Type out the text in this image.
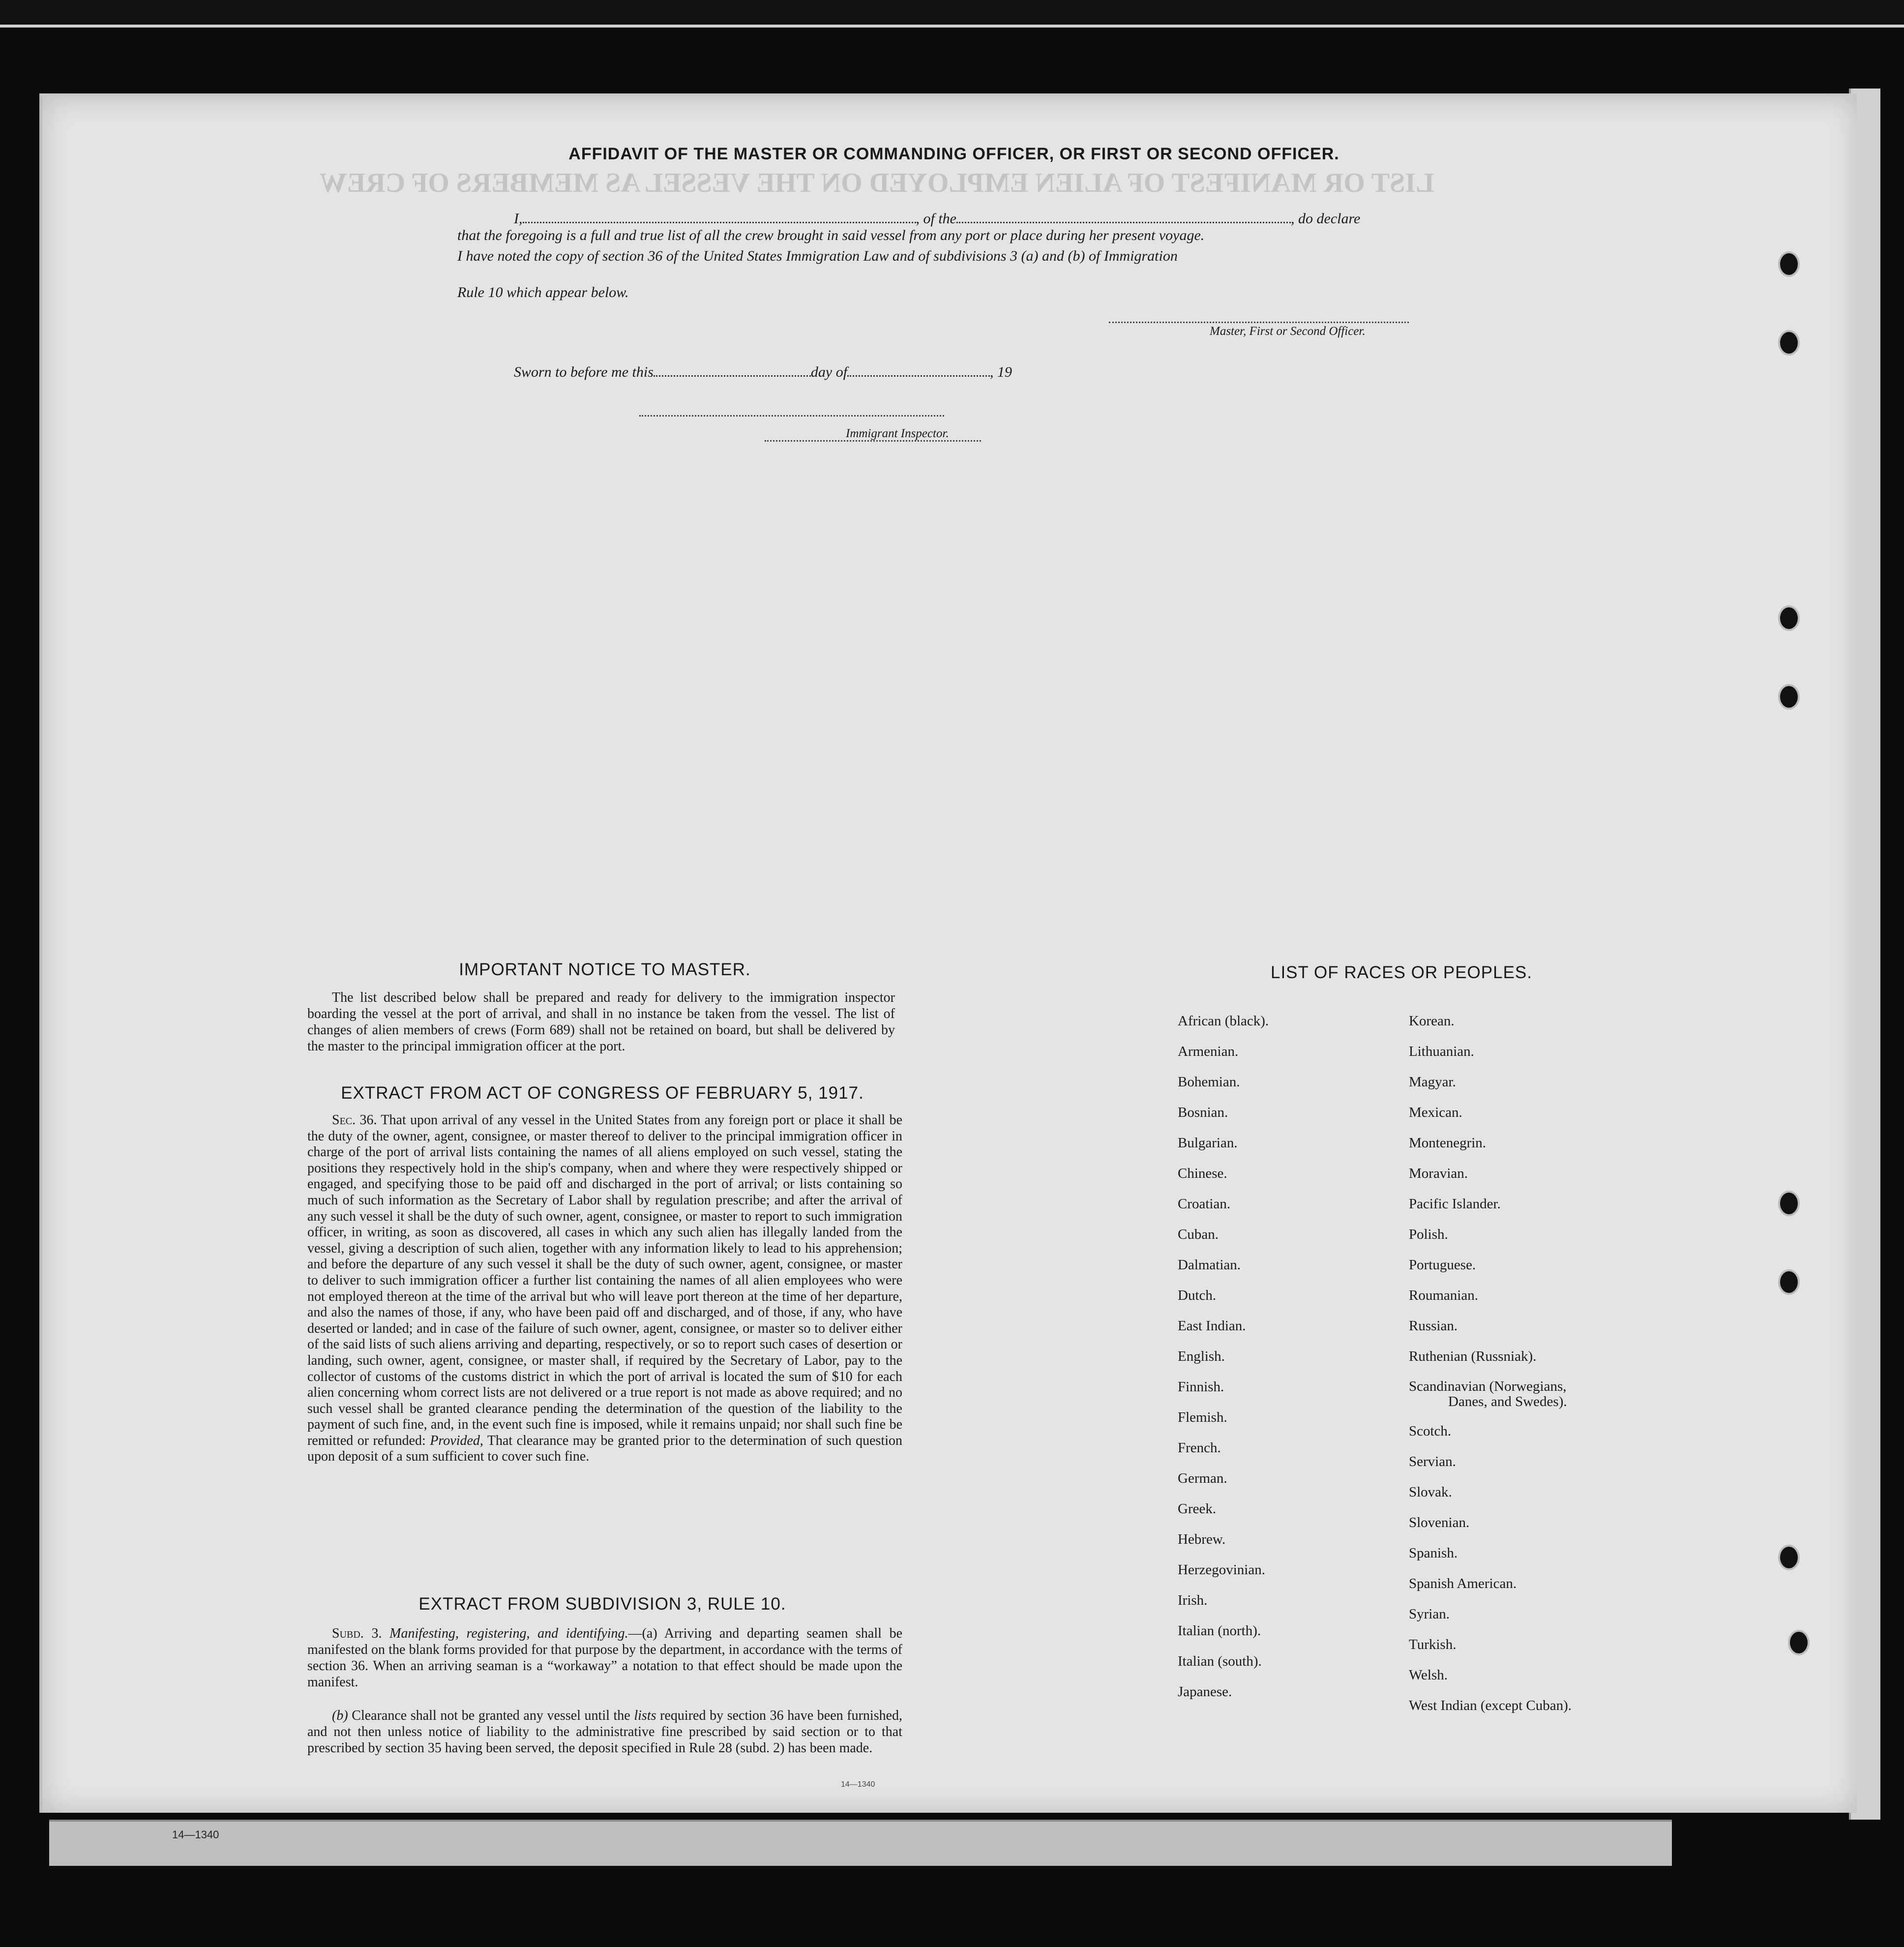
LIST OR MANIFEST OF ALIEN EMPLOYED ON THE VESSEL AS MEMBERS OF CREW
AFFIDAVIT OF THE MASTER OR COMMANDING OFFICER, OR FIRST OR SECOND OFFICER.
I,	, of the	, do declare
that the foregoing is a full and true list of all the crew brought in said vessel from any port or place during her present voyage.
I have noted the copy of section 36 of the United States Immigration Law and of subdivisions 3 (a) and (b) of Immigration
Rule 10 which appear below.
Master, First or Second Officer.
Sworn to before me this	day of	, 19
Immigrant Inspector.
IMPORTANT NOTICE TO MASTER.
The list described below shall be prepared and ready for delivery to the immigration inspector boarding the vessel at the port of arrival, and shall in no instance be taken from the vessel. The list of changes of alien members of crews (Form 689) shall not be retained on board, but shall be delivered by the master to the principal immigration officer at the port.
EXTRACT FROM ACT OF CONGRESS OF FEBRUARY 5, 1917.
Sec. 36. That upon arrival of any vessel in the United States from any foreign port or place it shall be the duty of the owner, agent, consignee, or master thereof to deliver to the principal immigration officer in charge of the port of arrival lists containing the names of all aliens employed on such vessel, stating the positions they respectively hold in the ship's company, when and where they were respectively shipped or engaged, and specifying those to be paid off and discharged in the port of arrival; or lists containing so much of such information as the Secretary of Labor shall by regulation prescribe; and after the arrival of any such vessel it shall be the duty of such owner, agent, consignee, or master to report to such immigration officer, in writing, as soon as discovered, all cases in which any such alien has illegally landed from the vessel, giving a description of such alien, together with any information likely to lead to his apprehension; and before the departure of any such vessel it shall be the duty of such owner, agent, consignee, or master to deliver to such immigration officer a further list containing the names of all alien employees who were not employed thereon at the time of the arrival but who will leave port thereon at the time of her departure, and also the names of those, if any, who have been paid off and discharged, and of those, if any, who have deserted or landed; and in case of the failure of such owner, agent, consignee, or master so to deliver either of the said lists of such aliens arriving and departing, respectively, or so to report such cases of desertion or landing, such owner, agent, consignee, or master shall, if required by the Secretary of Labor, pay to the collector of customs of the customs district in which the port of arrival is located the sum of $10 for each alien concerning whom correct lists are not delivered or a true report is not made as above required; and no such vessel shall be granted clearance pending the determination of the question of the liability to the payment of such fine, and, in the event such fine is imposed, while it remains unpaid; nor shall such fine be remitted or refunded: Provided, That clearance may be granted prior to the determination of such question upon deposit of a sum sufficient to cover such fine.
EXTRACT FROM SUBDIVISION 3, RULE 10.
Subd. 3. Manifesting, registering, and identifying.—(a) Arriving and departing seamen shall be manifested on the blank forms provided for that purpose by the department, in accordance with the terms of section 36. When an arriving seaman is a “workaway” a notation to that effect should be made upon the manifest.
(b) Clearance shall not be granted any vessel until the lists required by section 36 have been furnished, and not then unless notice of liability to the administrative fine prescribed by said section or to that prescribed by section 35 having been served, the deposit specified in Rule 28 (subd. 2) has been made.
14—1340
LIST OF RACES OR PEOPLES.
African (black).
Armenian.
Bohemian.
Bosnian.
Bulgarian.
Chinese.
Croatian.
Cuban.
Dalmatian.
Dutch.
East Indian.
English.
Finnish.
Flemish.
French.
German.
Greek.
Hebrew.
Herzegovinian.
Irish.
Italian (north).
Italian (south).
Japanese.
Korean.
Lithuanian.
Magyar.
Mexican.
Montenegrin.
Moravian.
Pacific Islander.
Polish.
Portuguese.
Roumanian.
Russian.
Ruthenian (Russniak).
Scandinavian (Norwegians,
Danes, and Swedes).
Scotch.
Servian.
Slovak.
Slovenian.
Spanish.
Spanish American.
Syrian.
Turkish.
Welsh.
West Indian (except Cuban).
14—1340
